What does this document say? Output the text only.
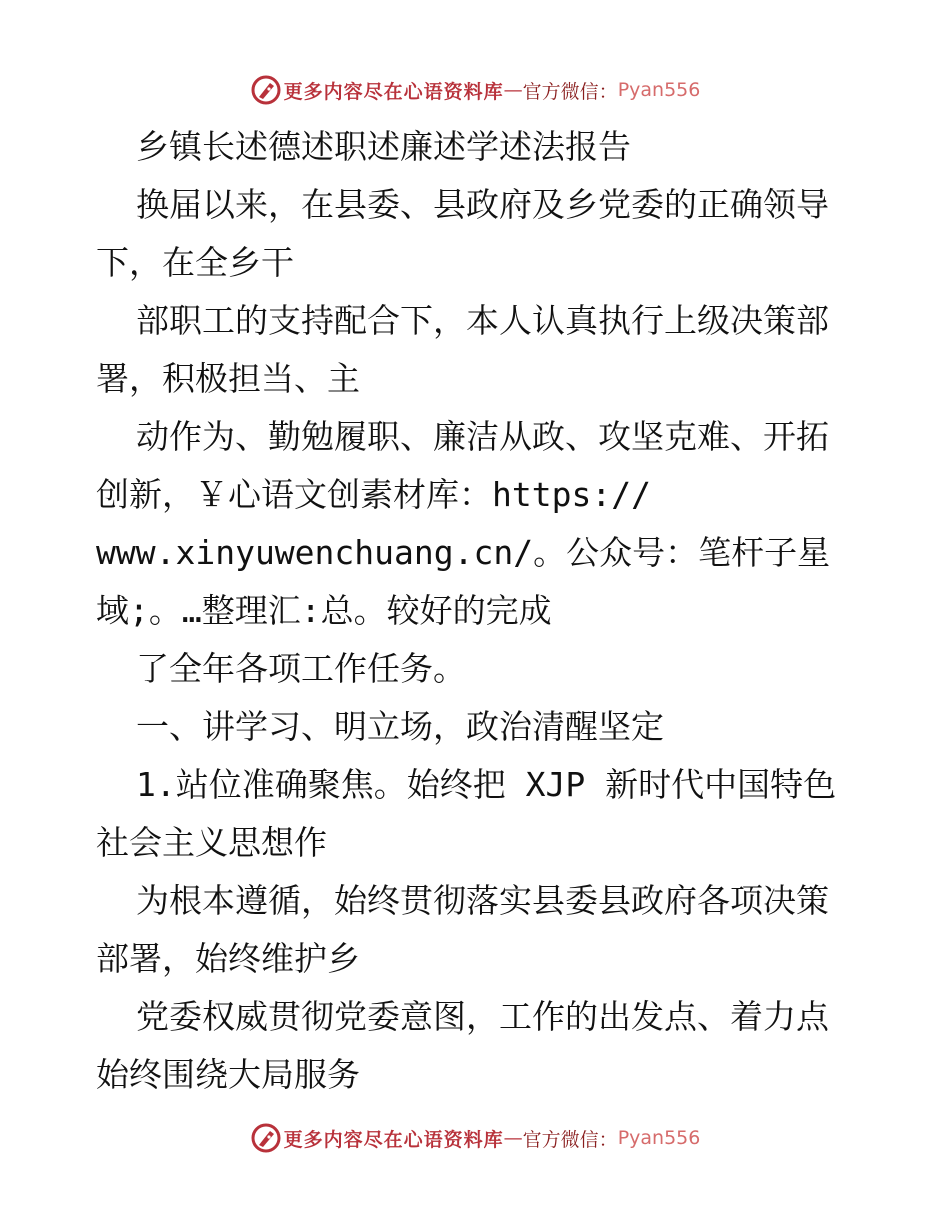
更多内容尽在心语资料库 — 官方微信： Pyan556
乡镇长述德述职述廉述学述法报告
换届以来，在县委、县政府及乡党委的正确领导
下，在全乡干
部职工的支持配合下，本人认真执行上级决策部
署，积极担当、主
动作为、勤勉履职、廉洁从政、攻坚克难、开拓
创新，￥心语文创素材库：https://
www.xinyuwenchuang.cn/。公众号：笔杆子星
域;。…整理汇:总。较好的完成
了全年各项工作任务。
一、讲学习、明立场，政治清醒坚定
1.站位准确聚焦。始终把 XJP 新时代中国特色
社会主义思想作
为根本遵循，始终贯彻落实县委县政府各项决策
部署，始终维护乡
党委权威贯彻党委意图，工作的出发点、着力点
始终围绕大局服务
更多内容尽在心语资料库 — 官方微信： Pyan556
